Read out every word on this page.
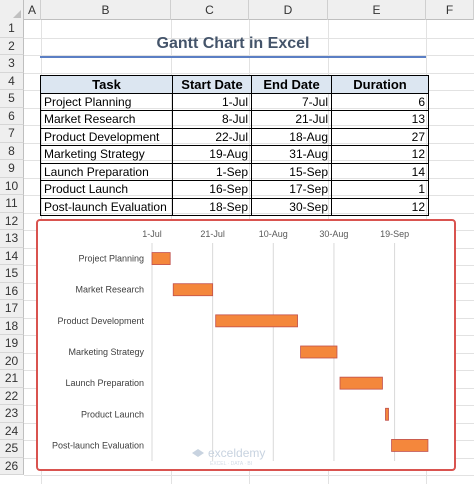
A	B	C	D	E	F
1
2
3
4
5
6
7
8
9
10
11
12
13
14
15
16
17
18
19
20
21
22
23
24
25
26
Gantt Chart in Excel
Task	Start Date	End Date	Duration
Project Planning	1-Jul	7-Jul	6
Market Research	8-Jul	21-Jul	13
Product Development	22-Jul	18-Aug	27
Marketing Strategy	19-Aug	31-Aug	12
Launch Preparation	1-Sep	15-Sep	14
Product Launch	16-Sep	17-Sep	1
Post-launch Evaluation	18-Sep	30-Sep	12
1-Jul	21-Jul	10-Aug	30-Aug	19-Sep
Project Planning
Market Research
Product Development
Marketing Strategy
Launch Preparation
Product Launch
Post-launch Evaluation
exceldemy
EXCEL · DATA · BI
